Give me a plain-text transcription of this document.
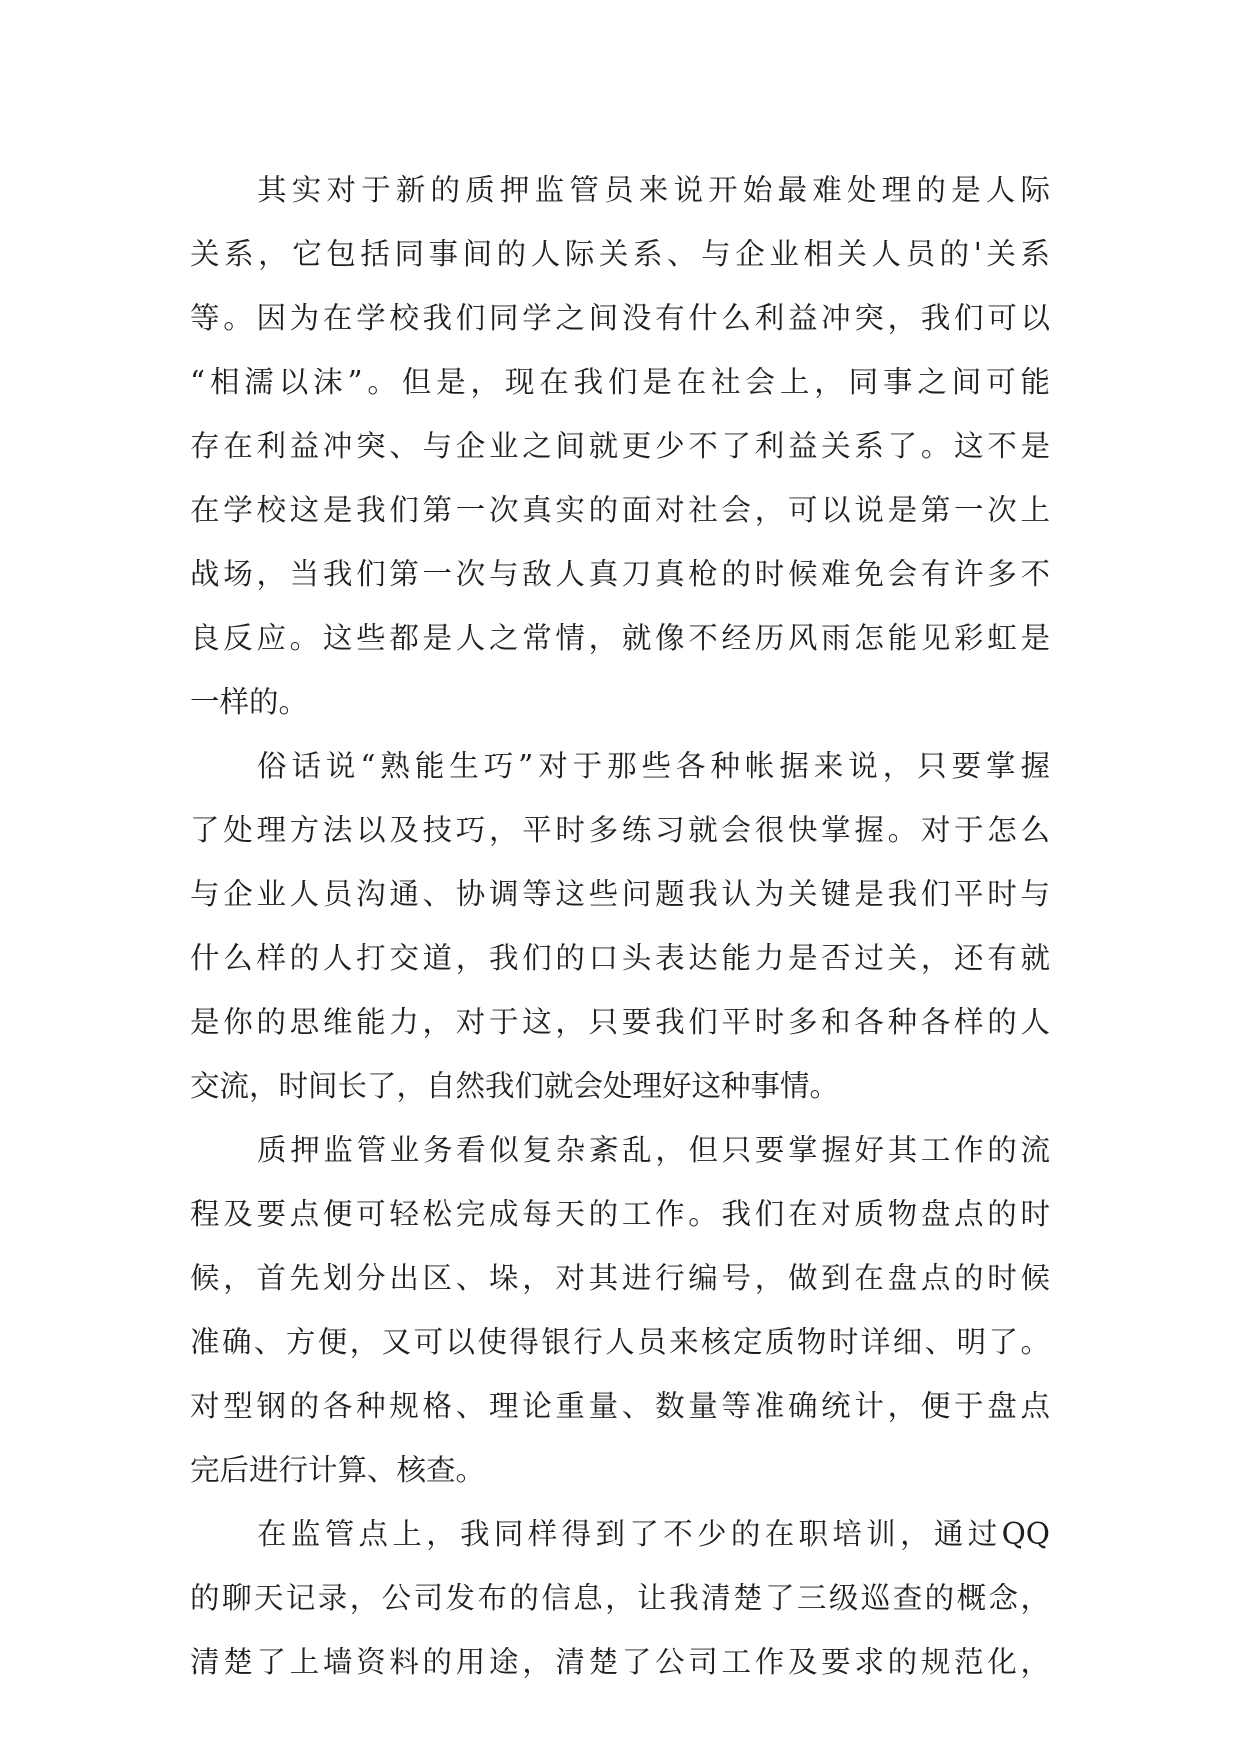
其实对于新的质押监管员来说开始最难处理的是人际
关系，它包括同事间的人际关系、与企业相关人员的'关系
等。因为在学校我们同学之间没有什么利益冲突，我们可以
“相濡以沫”。但是，现在我们是在社会上，同事之间可能
存在利益冲突、与企业之间就更少不了利益关系了。这不是
在学校这是我们第一次真实的面对社会，可以说是第一次上
战场，当我们第一次与敌人真刀真枪的时候难免会有许多不
良反应。这些都是人之常情，就像不经历风雨怎能见彩虹是
一样的。
俗话说“熟能生巧”对于那些各种帐据来说，只要掌握
了处理方法以及技巧，平时多练习就会很快掌握。对于怎么
与企业人员沟通、协调等这些问题我认为关键是我们平时与
什么样的人打交道，我们的口头表达能力是否过关，还有就
是你的思维能力，对于这，只要我们平时多和各种各样的人
交流，时间长了，自然我们就会处理好这种事情。
质押监管业务看似复杂紊乱，但只要掌握好其工作的流
程及要点便可轻松完成每天的工作。我们在对质物盘点的时
候，首先划分出区、垛，对其进行编号，做到在盘点的时候
准确、方便，又可以使得银行人员来核定质物时详细、明了。
对型钢的各种规格、理论重量、数量等准确统计，便于盘点
完后进行计算、核查。
在监管点上，我同样得到了不少的在职培训，通过QQ
的聊天记录，公司发布的信息，让我清楚了三级巡查的概念，
清楚了上墙资料的用途，清楚了公司工作及要求的规范化，
